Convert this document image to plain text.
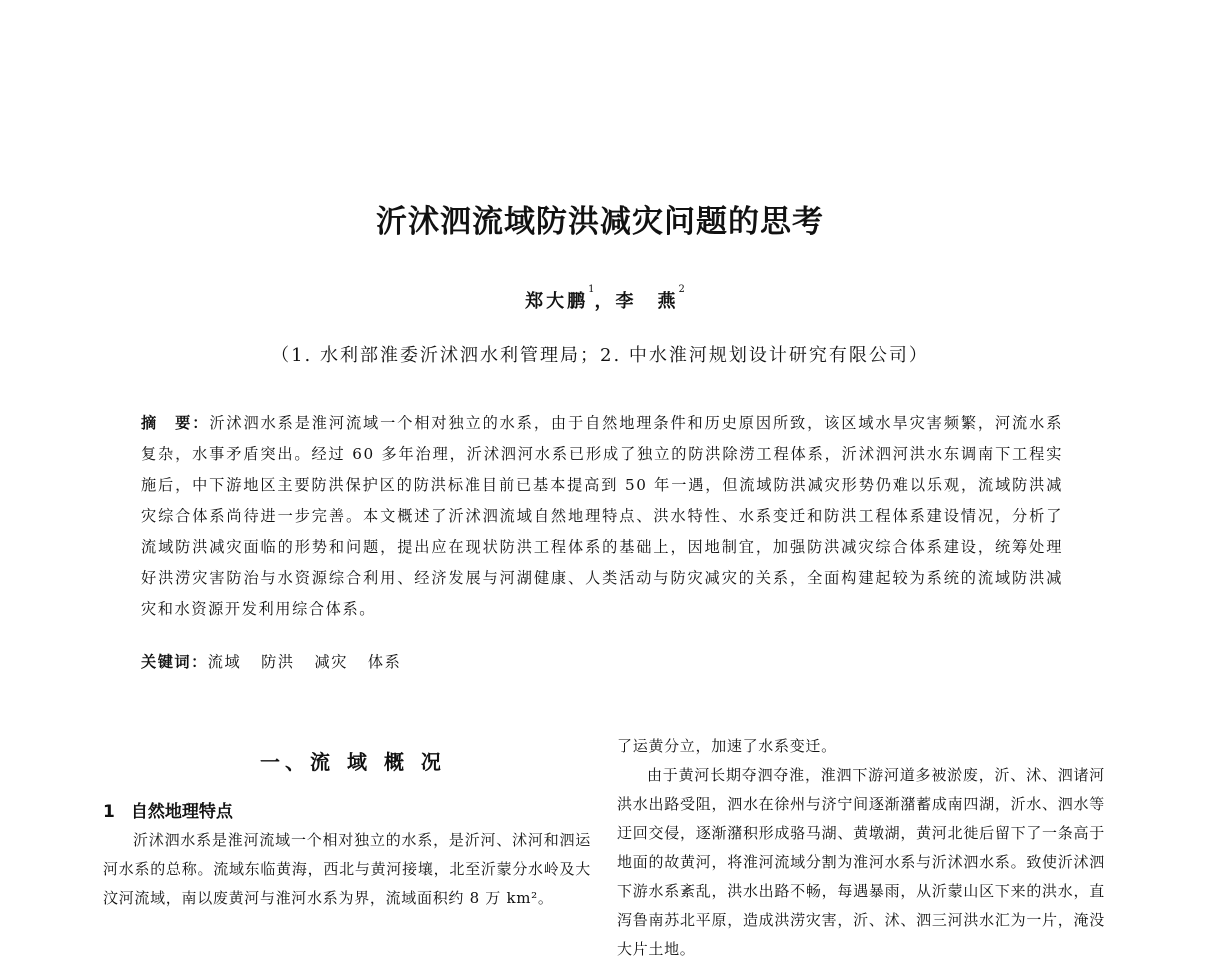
沂沭泗流域防洪减灾问题的思考
郑大鹏$^1$，李　燕$^2$
（1. 水利部淮委沂沭泗水利管理局；2. 中水淮河规划设计研究有限公司）

摘　要：沂沭泗水系是淮河流域一个相对独立的水系，由于自然地理条件和历史原因所致，该区域水旱灾害频繁，河流水系复杂，水事矛盾突出。经过 60 多年治理，沂沭泗河水系已形成了独立的防洪除涝工程体系，沂沭泗河洪水东调南下工程实施后，中下游地区主要防洪保护区的防洪标准目前已基本提高到 50 年一遇，但流域防洪减灾形势仍难以乐观，流域防洪减灾综合体系尚待进一步完善。本文概述了沂沭泗流域自然地理特点、洪水特性、水系变迁和防洪工程体系建设情况，分析了流域防洪减灾面临的形势和问题，提出应在现状防洪工程体系的基础上，因地制宜，加强防洪减灾综合体系建设，统筹处理好洪涝灾害防治与水资源综合利用、经济发展与河湖健康、人类活动与防灾减灾的关系，全面构建起较为系统的流域防洪减灾和水资源开发利用综合体系。

关键词：流域 防洪 减灾 体系

一、流 域 概 况
1 自然地理特点

沂沭泗水系是淮河流域一个相对独立的水系，是沂河、沭河和泗运河水系的总称。流域东临黄海，西北与黄河接壤，北至沂蒙分水岭及大汶河流域，南以废黄河与淮河水系为界，流域面积约 8 万 km²。

了运黄分立，加速了水系变迁。

由于黄河长期夺泗夺淮，淮泗下游河道多被淤废，沂、沭、泗诸河洪水出路受阻，泗水在徐州与济宁间逐渐潴蓄成南四湖，沂水、泗水等迂回交侵，逐渐潴积形成骆马湖、黄墩湖，黄河北徙后留下了一条高于地面的故黄河，将淮河流域分割为淮河水系与沂沭泗水系。致使沂沭泗下游水系紊乱，洪水出路不畅，每遇暴雨，从沂蒙山区下来的洪水，直泻鲁南苏北平原，造成洪涝灾害，沂、沭、泗三河洪水汇为一片，淹没大片土地。
